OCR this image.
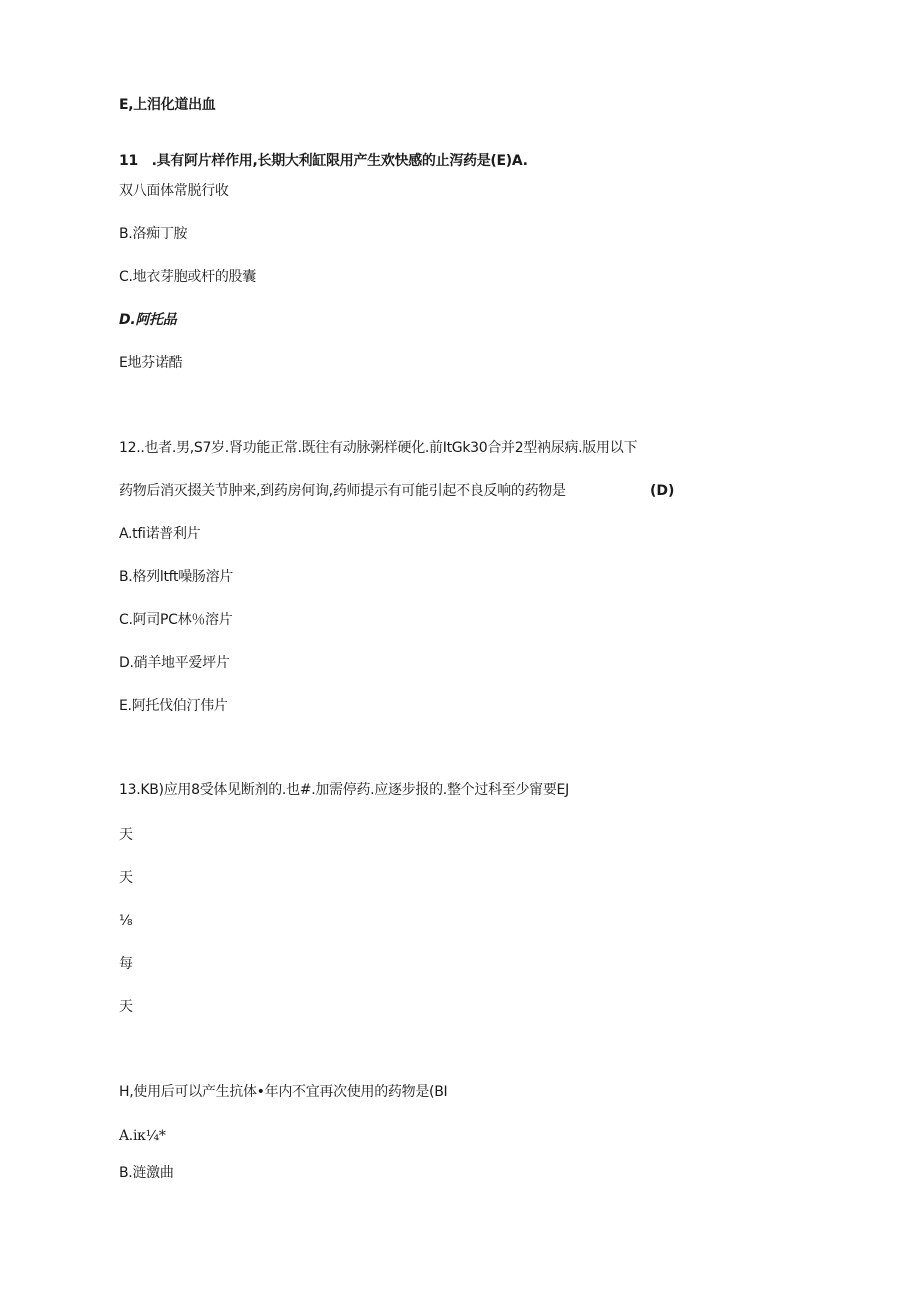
E,上泪化道出血
11　.具有阿片样作用,长期大利缸限用产生欢快感的止泻药是(E)A.
双八面体常脱行收
B.洛痴丁胺
C.地衣芽胞或杆的股囊
D.阿托品
E地芬诺酷
12..也者.男,S7岁.肾功能正常.既往有动脉粥样硬化.前ItGk30合并2型衲尿病.版用以下
药物后消灭掇关节肿来,到药房何询,药师提示有可能引起不良反响的药物是	(D)
A.tfi诺普利片
B.格列ltft噪肠溶片
C.阿司PC林％溶片
D.硝羊地平爱坪片
E.阿托伐伯汀伟片
13.KB)应用8受体见断剂的.也#.加需停药.应逐步报的.整个过科至少甯要EJ
天
天
⅛
每
天
H,使用后可以产生抗体•年内不宜再次使用的药物是(BI
A.iκ¼*
B.涟激曲
